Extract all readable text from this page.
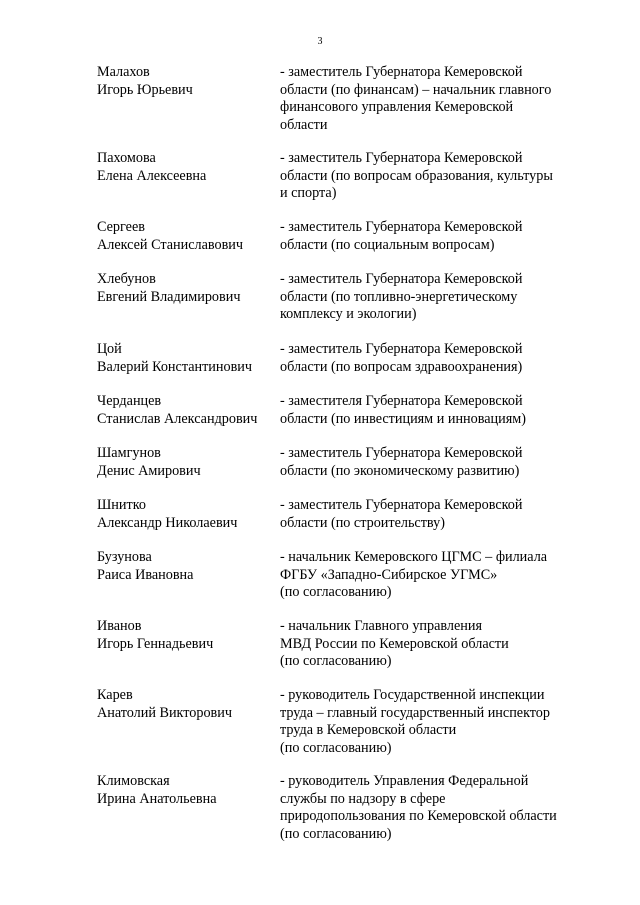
3
Малахов
Игорь Юрьевич
- заместитель Губернатора Кемеровской
области (по финансам) – начальник главного
финансового управления Кемеровской
области
Пахомова
Елена Алексеевна
- заместитель Губернатора Кемеровской
области (по вопросам образования, культуры
и спорта)
Сергеев
Алексей Станиславович
- заместитель Губернатора Кемеровской
области (по социальным вопросам)
Хлебунов
Евгений Владимирович
- заместитель Губернатора Кемеровской
области (по топливно-энергетическому
комплексу и экологии)
Цой
Валерий Константинович
- заместитель Губернатора Кемеровской
области (по вопросам здравоохранения)
Черданцев
Станислав Александрович
- заместителя Губернатора Кемеровской
области (по инвестициям и инновациям)
Шамгунов
Денис Амирович
- заместитель Губернатора Кемеровской
области (по экономическому развитию)
Шнитко
Александр Николаевич
- заместитель Губернатора Кемеровской
области (по строительству)
Бузунова
Раиса Ивановна
- начальник Кемеровского ЦГМС – филиала
ФГБУ «Западно-Сибирское УГМС»
(по согласованию)
Иванов
Игорь Геннадьевич
- начальник Главного управления
МВД России по Кемеровской области
(по согласованию)
Карев
Анатолий Викторович
- руководитель Государственной инспекции
труда – главный государственный инспектор
труда в Кемеровской области
(по согласованию)
Климовская
Ирина Анатольевна
- руководитель Управления Федеральной
службы по надзору в сфере
природопользования по Кемеровской области
(по согласованию)
